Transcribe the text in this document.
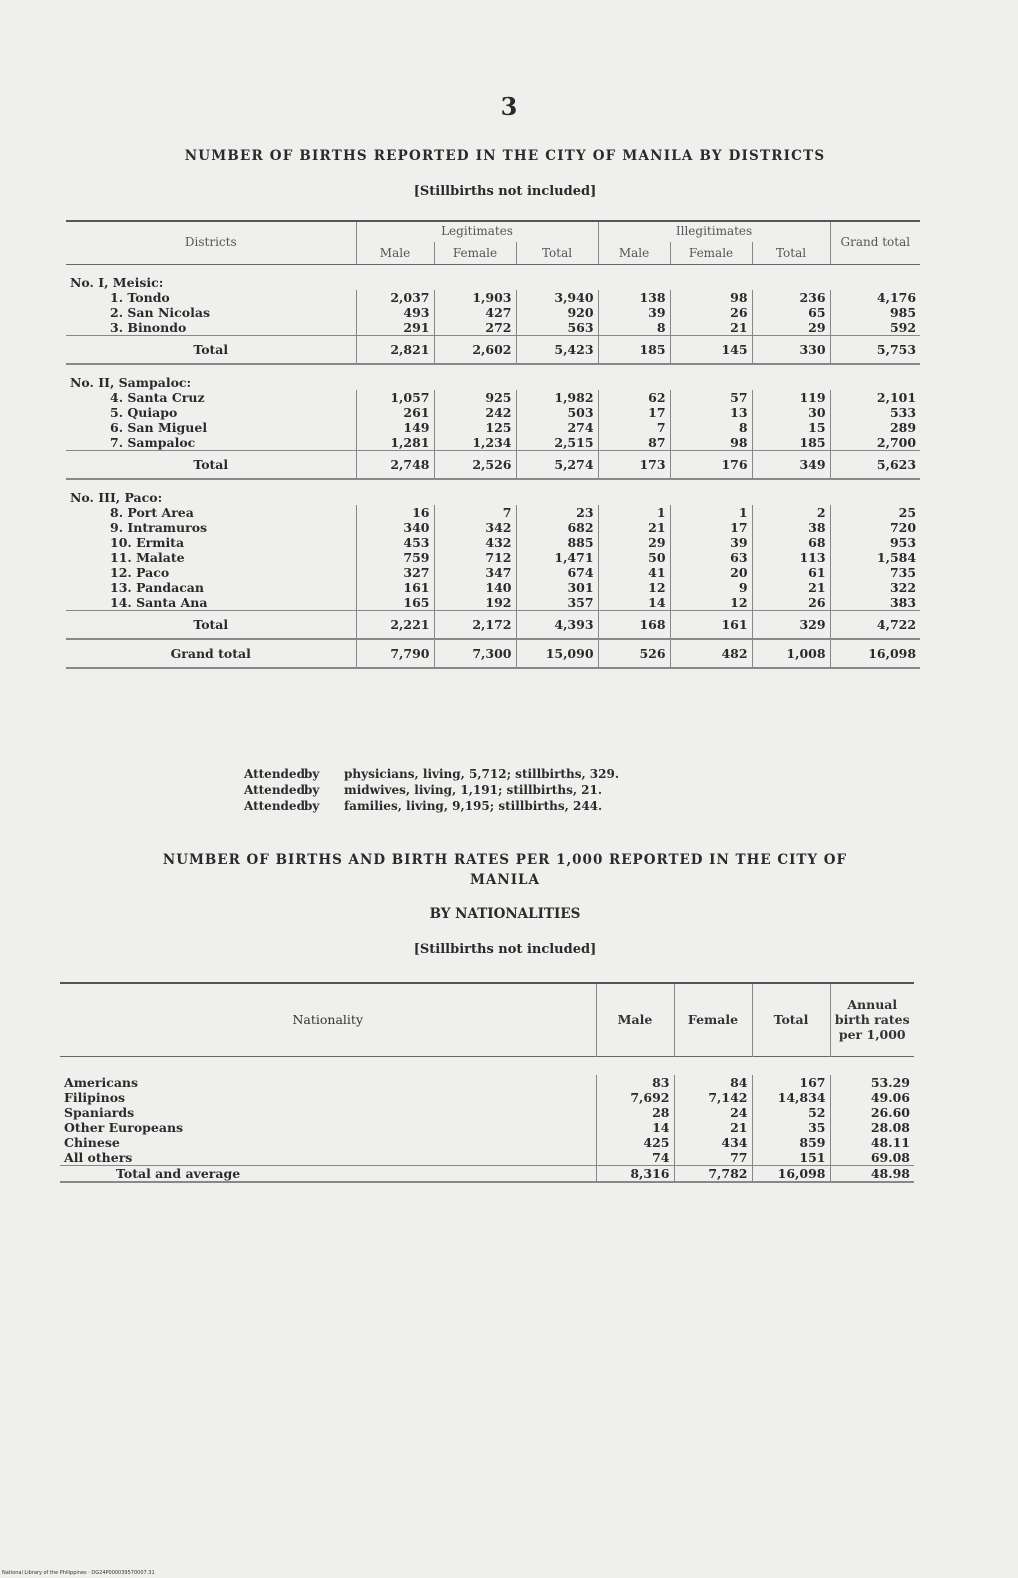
3
NUMBER OF BIRTHS REPORTED IN THE CITY OF MANILA BY DISTRICTS
[Stillbirths not included]
Districts	Legitimates			Illegitimates			Grand total
	Male	Female	Total	Male	Female	Total	
No. I, Meisic:							
1. Tondo	2,037	1,903	3,940	138	98	236	4,176
2. San Nicolas	493	427	920	39	26	65	985
3. Binondo	291	272	563	8	21	29	592
Total	2,821	2,602	5,423	185	145	330	5,753
No. II, Sampaloc:							
4. Santa Cruz	1,057	925	1,982	62	57	119	2,101
5. Quiapo	261	242	503	17	13	30	533
6. San Miguel	149	125	274	7	8	15	289
7. Sampaloc	1,281	1,234	2,515	87	98	185	2,700
Total	2,748	2,526	5,274	173	176	349	5,623
No. III, Paco:							
8. Port Area	16	7	23	1	1	2	25
9. Intramuros	340	342	682	21	17	38	720
10. Ermita	453	432	885	29	39	68	953
11. Malate	759	712	1,471	50	63	113	1,584
12. Paco	327	347	674	41	20	61	735
13. Pandacan	161	140	301	12	9	21	322
14. Santa Ana	165	192	357	14	12	26	383
Total	2,221	2,172	4,393	168	161	329	4,722
Grand total	7,790	7,300	15,090	526	482	1,008	16,098
Attendedby physicians, living, 5,712; stillbirths, 329.
Attendedby midwives, living, 1,191; stillbirths, 21.
Attendedby families, living, 9,195; stillbirths, 244.
NUMBER OF BIRTHS AND BIRTH RATES PER 1,000 REPORTED IN THE CITY OF
MANILA
BY NATIONALITIES
[Stillbirths not included]
Nationality	Male	Female	Total	Annual birth rates per 1,000

Americans	83	84	167	53.29
Filipinos	7,692	7,142	14,834	49.06
Spaniards	28	24	52	26.60
Other Europeans	14	21	35	28.08
Chinese	425	434	859	48.11
All others	74	77	151	69.08
Total and average	8,316	7,782	16,098	48.98
National Library of the Philippines · DG24P000039570007.31
